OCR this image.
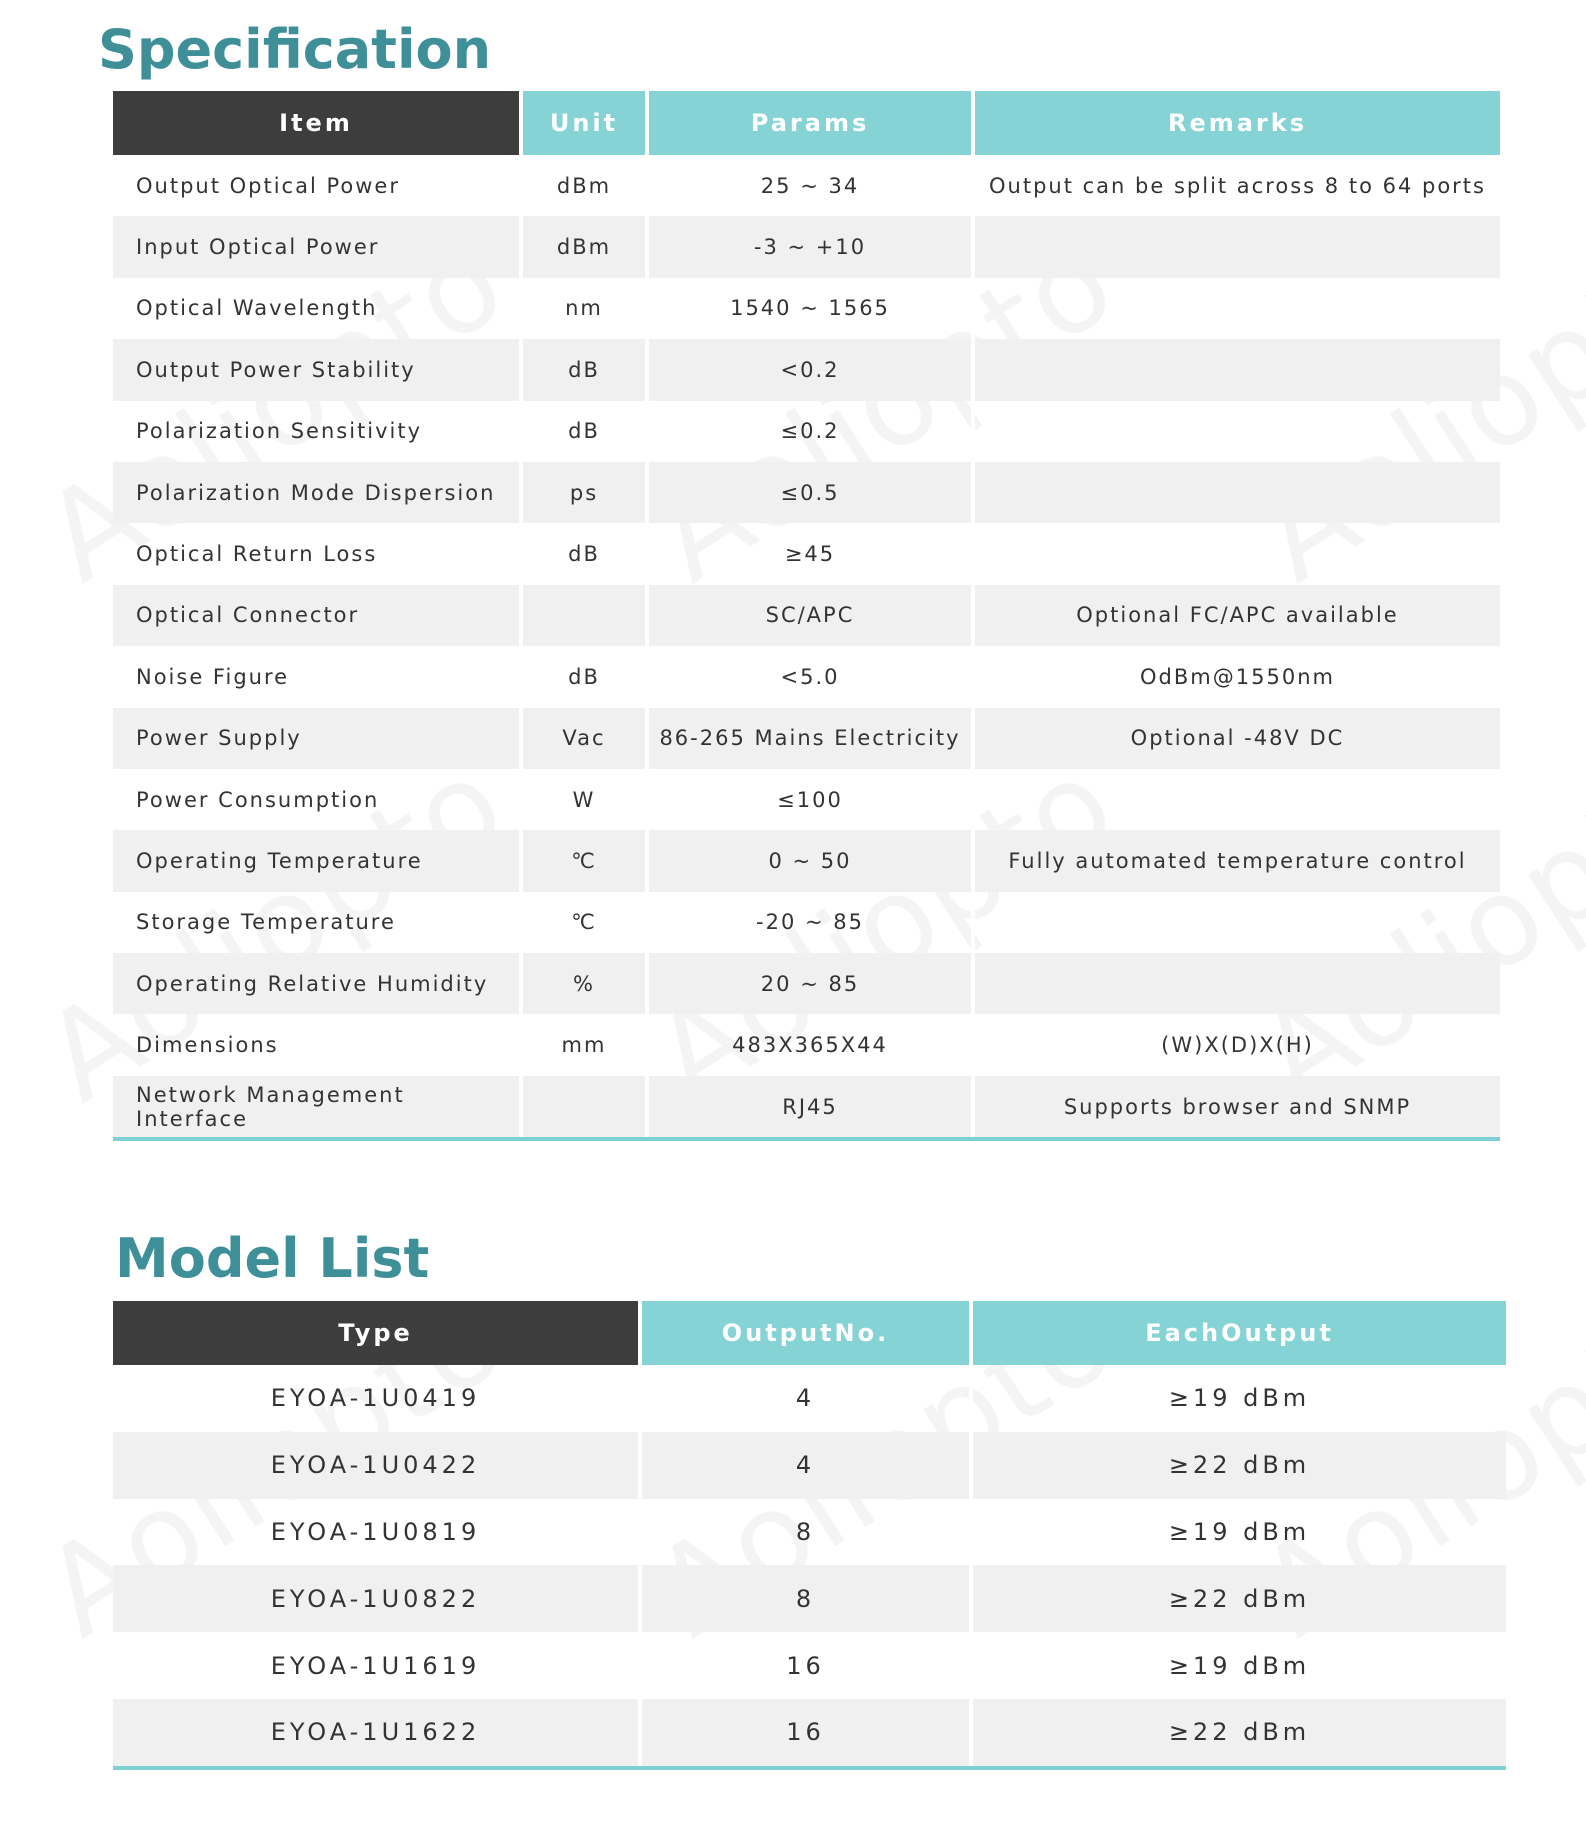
Specification
Item	Unit	Params	Remarks
Output Optical Power	dBm	25 ~ 34	Output can be split across 8 to 64 ports
Input Optical Power	dBm	-3 ~ +10	
Optical Wavelength	nm	1540 ~ 1565	
Output Power Stability	dB	<0.2	
Polarization Sensitivity	dB	≤0.2	
Polarization Mode Dispersion	ps	≤0.5	
Optical Return Loss	dB	≥45	
Optical Connector		SC/APC	Optional FC/APC available
Noise Figure	dB	<5.0	OdBm@1550nm
Power Supply	Vac	86-265 Mains Electricity	Optional -48V DC
Power Consumption	W	≤100	
Operating Temperature	℃	0 ~ 50	Fully automated temperature control
Storage Temperature	℃	-20 ~ 85	
Operating Relative Humidity	%	20 ~ 85	
Dimensions	mm	483X365X44	(W)X(D)X(H)
Network Management Interface		RJ45	Supports browser and SNMP
Model List
Type	OutputNo.	EachOutput
EYOA-1U0419	4	≥19 dBm
EYOA-1U0422	4	≥22 dBm
EYOA-1U0819	8	≥19 dBm
EYOA-1U0822	8	≥22 dBm
EYOA-1U1619	16	≥19 dBm
EYOA-1U1622	16	≥22 dBm
